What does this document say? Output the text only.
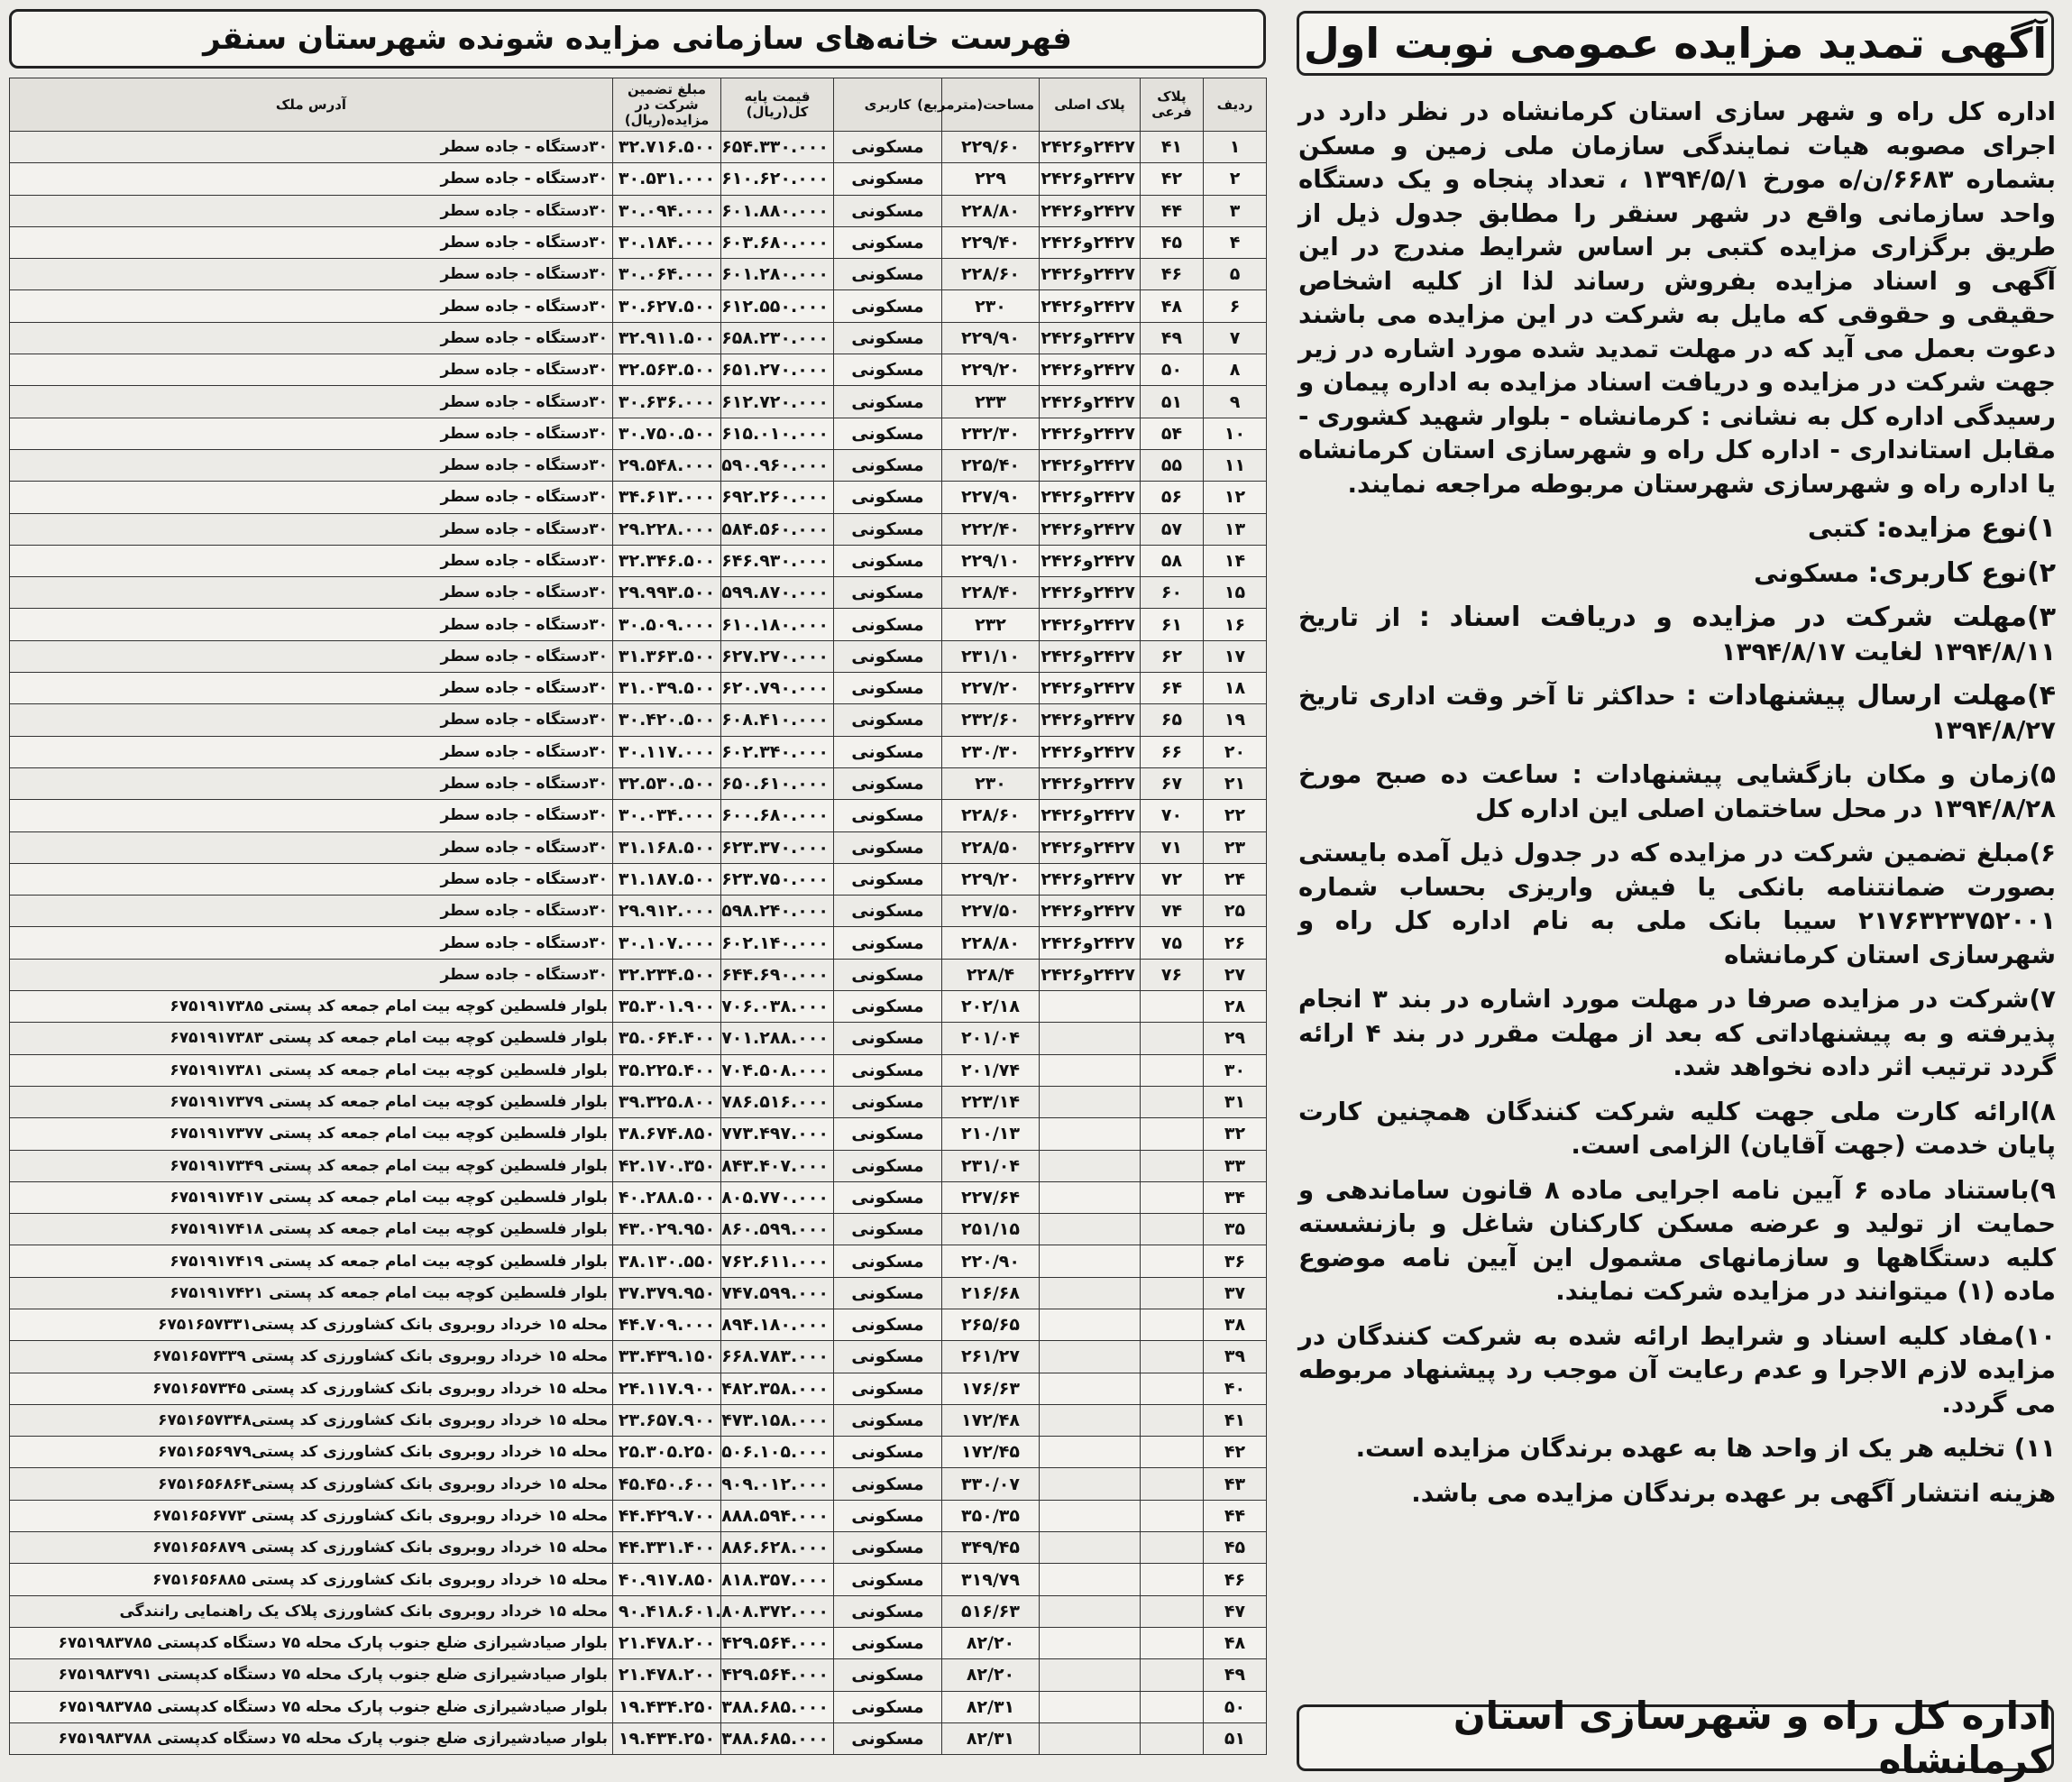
فهرست خانه‌های سازمانی مزایده شونده شهرستان سنقر
ردیف	پلاک فرعی	پلاک اصلی	مساحت(مترمربع)	کاربری	قیمت پایه کل(ریال)	مبلغ تضمین شرکت در مزایده(ریال)	آدرس ملک
۱	۴۱	۲۴۲۷و۲۴۲۶	۲۲۹/۶۰	مسکونی	۶۵۴.۳۳۰.۰۰۰	۳۲.۷۱۶.۵۰۰	۳۰دستگاه - جاده سطر
۲	۴۲	۲۴۲۷و۲۴۲۶	۲۲۹	مسکونی	۶۱۰.۶۲۰.۰۰۰	۳۰.۵۳۱.۰۰۰	۳۰دستگاه - جاده سطر
۳	۴۴	۲۴۲۷و۲۴۲۶	۲۲۸/۸۰	مسکونی	۶۰۱.۸۸۰.۰۰۰	۳۰.۰۹۴.۰۰۰	۳۰دستگاه - جاده سطر
۴	۴۵	۲۴۲۷و۲۴۲۶	۲۲۹/۴۰	مسکونی	۶۰۳.۶۸۰.۰۰۰	۳۰.۱۸۴.۰۰۰	۳۰دستگاه - جاده سطر
۵	۴۶	۲۴۲۷و۲۴۲۶	۲۲۸/۶۰	مسکونی	۶۰۱.۲۸۰.۰۰۰	۳۰.۰۶۴.۰۰۰	۳۰دستگاه - جاده سطر
۶	۴۸	۲۴۲۷و۲۴۲۶	۲۳۰	مسکونی	۶۱۲.۵۵۰.۰۰۰	۳۰.۶۲۷.۵۰۰	۳۰دستگاه - جاده سطر
۷	۴۹	۲۴۲۷و۲۴۲۶	۲۲۹/۹۰	مسکونی	۶۵۸.۲۳۰.۰۰۰	۳۲.۹۱۱.۵۰۰	۳۰دستگاه - جاده سطر
۸	۵۰	۲۴۲۷و۲۴۲۶	۲۲۹/۲۰	مسکونی	۶۵۱.۲۷۰.۰۰۰	۳۲.۵۶۳.۵۰۰	۳۰دستگاه - جاده سطر
۹	۵۱	۲۴۲۷و۲۴۲۶	۲۳۳	مسکونی	۶۱۲.۷۲۰.۰۰۰	۳۰.۶۳۶.۰۰۰	۳۰دستگاه - جاده سطر
۱۰	۵۴	۲۴۲۷و۲۴۲۶	۲۳۲/۳۰	مسکونی	۶۱۵.۰۱۰.۰۰۰	۳۰.۷۵۰.۵۰۰	۳۰دستگاه - جاده سطر
۱۱	۵۵	۲۴۲۷و۲۴۲۶	۲۲۵/۴۰	مسکونی	۵۹۰.۹۶۰.۰۰۰	۲۹.۵۴۸.۰۰۰	۳۰دستگاه - جاده سطر
۱۲	۵۶	۲۴۲۷و۲۴۲۶	۲۲۷/۹۰	مسکونی	۶۹۲.۲۶۰.۰۰۰	۳۴.۶۱۳.۰۰۰	۳۰دستگاه - جاده سطر
۱۳	۵۷	۲۴۲۷و۲۴۲۶	۲۲۲/۴۰	مسکونی	۵۸۴.۵۶۰.۰۰۰	۲۹.۲۲۸.۰۰۰	۳۰دستگاه - جاده سطر
۱۴	۵۸	۲۴۲۷و۲۴۲۶	۲۲۹/۱۰	مسکونی	۶۴۶.۹۳۰.۰۰۰	۳۲.۳۴۶.۵۰۰	۳۰دستگاه - جاده سطر
۱۵	۶۰	۲۴۲۷و۲۴۲۶	۲۲۸/۴۰	مسکونی	۵۹۹.۸۷۰.۰۰۰	۲۹.۹۹۳.۵۰۰	۳۰دستگاه - جاده سطر
۱۶	۶۱	۲۴۲۷و۲۴۲۶	۲۳۲	مسکونی	۶۱۰.۱۸۰.۰۰۰	۳۰.۵۰۹.۰۰۰	۳۰دستگاه - جاده سطر
۱۷	۶۲	۲۴۲۷و۲۴۲۶	۲۳۱/۱۰	مسکونی	۶۲۷.۲۷۰.۰۰۰	۳۱.۳۶۳.۵۰۰	۳۰دستگاه - جاده سطر
۱۸	۶۴	۲۴۲۷و۲۴۲۶	۲۲۷/۲۰	مسکونی	۶۲۰.۷۹۰.۰۰۰	۳۱.۰۳۹.۵۰۰	۳۰دستگاه - جاده سطر
۱۹	۶۵	۲۴۲۷و۲۴۲۶	۲۳۲/۶۰	مسکونی	۶۰۸.۴۱۰.۰۰۰	۳۰.۴۲۰.۵۰۰	۳۰دستگاه - جاده سطر
۲۰	۶۶	۲۴۲۷و۲۴۲۶	۲۳۰/۳۰	مسکونی	۶۰۲.۳۴۰.۰۰۰	۳۰.۱۱۷.۰۰۰	۳۰دستگاه - جاده سطر
۲۱	۶۷	۲۴۲۷و۲۴۲۶	۲۳۰	مسکونی	۶۵۰.۶۱۰.۰۰۰	۳۲.۵۳۰.۵۰۰	۳۰دستگاه - جاده سطر
۲۲	۷۰	۲۴۲۷و۲۴۲۶	۲۲۸/۶۰	مسکونی	۶۰۰.۶۸۰.۰۰۰	۳۰.۰۳۴.۰۰۰	۳۰دستگاه - جاده سطر
۲۳	۷۱	۲۴۲۷و۲۴۲۶	۲۲۸/۵۰	مسکونی	۶۲۳.۳۷۰.۰۰۰	۳۱.۱۶۸.۵۰۰	۳۰دستگاه - جاده سطر
۲۴	۷۲	۲۴۲۷و۲۴۲۶	۲۲۹/۲۰	مسکونی	۶۲۳.۷۵۰.۰۰۰	۳۱.۱۸۷.۵۰۰	۳۰دستگاه - جاده سطر
۲۵	۷۴	۲۴۲۷و۲۴۲۶	۲۲۷/۵۰	مسکونی	۵۹۸.۲۴۰.۰۰۰	۲۹.۹۱۲.۰۰۰	۳۰دستگاه - جاده سطر
۲۶	۷۵	۲۴۲۷و۲۴۲۶	۲۲۸/۸۰	مسکونی	۶۰۲.۱۴۰.۰۰۰	۳۰.۱۰۷.۰۰۰	۳۰دستگاه - جاده سطر
۲۷	۷۶	۲۴۲۷و۲۴۲۶	۲۲۸/۴	مسکونی	۶۴۴.۶۹۰.۰۰۰	۳۲.۲۳۴.۵۰۰	۳۰دستگاه - جاده سطر
۲۸			۲۰۲/۱۸	مسکونی	۷۰۶.۰۳۸.۰۰۰	۳۵.۳۰۱.۹۰۰	بلوار فلسطین کوچه بیت امام جمعه کد پستی ۶۷۵۱۹۱۷۳۸۵
۲۹			۲۰۱/۰۴	مسکونی	۷۰۱.۲۸۸.۰۰۰	۳۵.۰۶۴.۴۰۰	بلوار فلسطین کوچه بیت امام جمعه کد پستی ۶۷۵۱۹۱۷۳۸۳
۳۰			۲۰۱/۷۴	مسکونی	۷۰۴.۵۰۸.۰۰۰	۳۵.۲۲۵.۴۰۰	بلوار فلسطین کوچه بیت امام جمعه کد پستی ۶۷۵۱۹۱۷۳۸۱
۳۱			۲۲۳/۱۴	مسکونی	۷۸۶.۵۱۶.۰۰۰	۳۹.۳۲۵.۸۰۰	بلوار فلسطین کوچه بیت امام جمعه کد پستی ۶۷۵۱۹۱۷۳۷۹
۳۲			۲۱۰/۱۳	مسکونی	۷۷۳.۴۹۷.۰۰۰	۳۸.۶۷۴.۸۵۰	بلوار فلسطین کوچه بیت امام جمعه کد پستی ۶۷۵۱۹۱۷۳۷۷
۳۳			۲۳۱/۰۴	مسکونی	۸۴۳.۴۰۷.۰۰۰	۴۲.۱۷۰.۳۵۰	بلوار فلسطین کوچه بیت امام جمعه کد پستی ۶۷۵۱۹۱۷۳۴۹
۳۴			۲۲۷/۶۴	مسکونی	۸۰۵.۷۷۰.۰۰۰	۴۰.۲۸۸.۵۰۰	بلوار فلسطین کوچه بیت امام جمعه کد پستی ۶۷۵۱۹۱۷۴۱۷
۳۵			۲۵۱/۱۵	مسکونی	۸۶۰.۵۹۹.۰۰۰	۴۳.۰۲۹.۹۵۰	بلوار فلسطین کوچه بیت امام جمعه کد پستی ۶۷۵۱۹۱۷۴۱۸
۳۶			۲۲۰/۹۰	مسکونی	۷۶۲.۶۱۱.۰۰۰	۳۸.۱۳۰.۵۵۰	بلوار فلسطین کوچه بیت امام جمعه کد پستی ۶۷۵۱۹۱۷۴۱۹
۳۷			۲۱۶/۶۸	مسکونی	۷۴۷.۵۹۹.۰۰۰	۳۷.۳۷۹.۹۵۰	بلوار فلسطین کوچه بیت امام جمعه کد پستی ۶۷۵۱۹۱۷۴۲۱
۳۸			۲۶۵/۶۵	مسکونی	۸۹۴.۱۸۰.۰۰۰	۴۴.۷۰۹.۰۰۰	محله ۱۵ خرداد روبروی بانک کشاورزی کد پستی۶۷۵۱۶۵۷۳۳۱
۳۹			۲۶۱/۲۷	مسکونی	۶۶۸.۷۸۳.۰۰۰	۳۳.۴۳۹.۱۵۰	محله ۱۵ خرداد روبروی بانک کشاورزی کد پستی ۶۷۵۱۶۵۷۳۳۹
۴۰			۱۷۶/۶۳	مسکونی	۴۸۲.۳۵۸.۰۰۰	۲۴.۱۱۷.۹۰۰	محله ۱۵ خرداد روبروی بانک کشاورزی کد پستی ۶۷۵۱۶۵۷۳۴۵
۴۱			۱۷۲/۴۸	مسکونی	۴۷۳.۱۵۸.۰۰۰	۲۳.۶۵۷.۹۰۰	محله ۱۵ خرداد روبروی بانک کشاورزی کد پستی۶۷۵۱۶۵۷۳۴۸
۴۲			۱۷۲/۴۵	مسکونی	۵۰۶.۱۰۵.۰۰۰	۲۵.۳۰۵.۲۵۰	محله ۱۵ خرداد روبروی بانک کشاورزی کد پستی۶۷۵۱۶۵۶۹۷۹
۴۳			۳۳۰/۰۷	مسکونی	۹۰۹.۰۱۲.۰۰۰	۴۵.۴۵۰.۶۰۰	محله ۱۵ خرداد روبروی بانک کشاورزی کد پستی۶۷۵۱۶۵۶۸۶۴
۴۴			۳۵۰/۳۵	مسکونی	۸۸۸.۵۹۴.۰۰۰	۴۴.۴۲۹.۷۰۰	محله ۱۵ خرداد روبروی بانک کشاورزی کد پستی ۶۷۵۱۶۵۶۷۷۳
۴۵			۳۴۹/۴۵	مسکونی	۸۸۶.۶۲۸.۰۰۰	۴۴.۳۳۱.۴۰۰	محله ۱۵ خرداد روبروی بانک کشاورزی کد پستی ۶۷۵۱۶۵۶۸۷۹
۴۶			۳۱۹/۷۹	مسکونی	۸۱۸.۳۵۷.۰۰۰	۴۰.۹۱۷.۸۵۰	محله ۱۵ خرداد روبروی بانک کشاورزی کد پستی ۶۷۵۱۶۵۶۸۸۵
۴۷			۵۱۶/۶۳	مسکونی	۱.۸۰۸.۳۷۲.۰۰۰	۹۰.۴۱۸.۶۰۰	محله ۱۵ خرداد روبروی بانک کشاورزی پلاک یک راهنمایی رانندگی
۴۸			۸۲/۲۰	مسکونی	۴۲۹.۵۶۴.۰۰۰	۲۱.۴۷۸.۲۰۰	بلوار صیادشیرازی ضلع جنوب پارک محله ۷۵ دستگاه کدپستی ۶۷۵۱۹۸۳۷۸۵
۴۹			۸۲/۲۰	مسکونی	۴۲۹.۵۶۴.۰۰۰	۲۱.۴۷۸.۲۰۰	بلوار صیادشیرازی ضلع جنوب پارک محله ۷۵ دستگاه کدپستی ۶۷۵۱۹۸۳۷۹۱
۵۰			۸۲/۳۱	مسکونی	۳۸۸.۶۸۵.۰۰۰	۱۹.۴۳۴.۲۵۰	بلوار صیادشیرازی ضلع جنوب پارک محله ۷۵ دستگاه کدپستی ۶۷۵۱۹۸۳۷۸۵
۵۱			۸۲/۳۱	مسکونی	۳۸۸.۶۸۵.۰۰۰	۱۹.۴۳۴.۲۵۰	بلوار صیادشیرازی ضلع جنوب پارک محله ۷۵ دستگاه کدپستی ۶۷۵۱۹۸۳۷۸۸
آگهی تمدید مزایده عمومی نوبت اول

اداره کل راه و شهر سازی استان کرمانشاه در نظر دارد در اجرای مصوبه هیات نمایندگی سازمان ملی زمین و مسکن بشماره ۶۶۸۳/ن/ه مورخ ۱۳۹۴/۵/۱ ، تعداد پنجاه و یک دستگاه واحد سازمانی واقع در شهر سنقر را مطابق جدول ذیل از طریق برگزاری مزایده کتبی بر اساس شرایط مندرج در این آگهی و اسناد مزایده بفروش رساند لذا از کلیه اشخاص حقیقی و حقوقی که مایل به شرکت در این مزایده می باشند دعوت بعمل می آید که در مهلت تمدید شده مورد اشاره در زیر جهت شرکت در مزایده و دریافت اسناد مزایده به اداره پیمان و رسیدگی اداره کل به نشانی : کرمانشاه - بلوار شهید کشوری - مقابل استانداری - اداره کل راه و شهرسازی استان کرمانشاه یا اداره راه و شهرسازی شهرستان مربوطه مراجعه نمایند.

۱)نوع مزایده: کتبی

۲)نوع کاربری: مسکونی

۳)مهلت شرکت در مزایده و دریافت اسناد : از تاریخ ۱۳۹۴/۸/۱۱ لغایت ۱۳۹۴/۸/۱۷

۴)مهلت ارسال پیشنهادات : حداکثر تا آخر وقت اداری تاریخ ۱۳۹۴/۸/۲۷

۵)زمان و مکان بازگشایی پیشنهادات : ساعت ده صبح مورخ ۱۳۹۴/۸/۲۸ در محل ساختمان اصلی این اداره کل

۶)مبلغ تضمین شرکت در مزایده که در جدول ذیل آمده بایستی بصورت ضمانتنامه بانکی یا فیش واریزی بحساب شماره ۲۱۷۶۳۲۳۷۵۲۰۰۱ سیبا بانک ملی به نام اداره کل راه و شهرسازی استان کرمانشاه

۷)شرکت در مزایده صرفا در مهلت مورد اشاره در بند ۳ انجام پذیرفته و به پیشنهاداتی که بعد از مهلت مقرر در بند ۴ ارائه گردد ترتیب اثر داده نخواهد شد.

۸)ارائه کارت ملی جهت کلیه شرکت کنندگان همچنین کارت پایان خدمت (جهت آقایان) الزامی است.

۹)باستناد ماده ۶ آیین نامه اجرایی ماده ۸ قانون ساماندهی و حمایت از تولید و عرضه مسکن کارکنان شاغل و بازنشسته کلیه دستگاهها و سازمانهای مشمول این آیین نامه موضوع ماده (۱) میتوانند در مزایده شرکت نمایند.

۱۰)مفاد کلیه اسناد و شرایط ارائه شده به شرکت کنندگان در مزایده لازم الاجرا و عدم رعایت آن موجب رد پیشنهاد مربوطه می گردد.

۱۱) تخلیه هر یک از واحد ها به عهده برندگان مزایده است.

هزینه انتشار آگهی بر عهده برندگان مزایده می باشد.

اداره کل راه و شهرسازی استان کرمانشاه
